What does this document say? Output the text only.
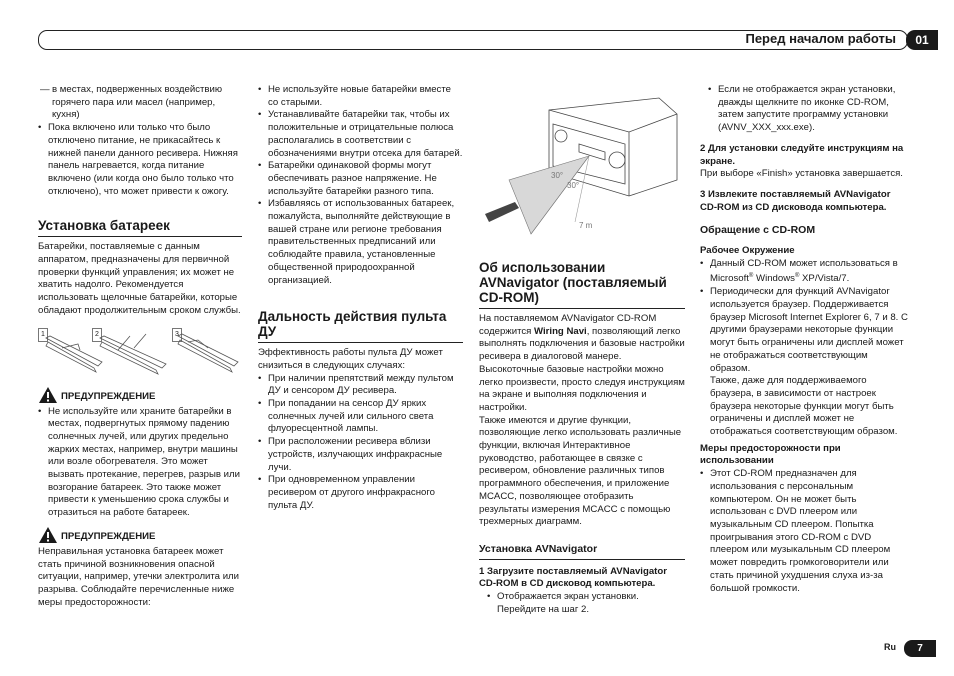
Перед началом работы	01

— в местах, подверженных воздействию горячего пара или масел (например, кухня)

• Пока включено или только что было отключено питание, не прикасайтесь к нижней панели данного ресивера. Нижняя панель нагревается, когда питание включено (или когда оно было только что отключено), что может привести к ожогу.

Установка батареек

Батарейки, поставляемые с данным аппаратом, предназначены для первичной проверки функций управления; их может не хватить надолго. Рекомендуется использовать щелочные батарейки, которые обладают продолжительным сроком службы.

1	2	3
ПРЕДУПРЕЖДЕНИЕ

• Не используйте или храните батарейки в местах, подвергнутых прямому падению солнечных лучей, или других предельно жарких местах, например, внутри машины или возле обогревателя. Это может вызвать протекание, перегрев, разрыв или возгорание батареек. Это также может привести к уменьшению срока службы и отразиться на работе батареек.

ПРЕДУПРЕЖДЕНИЕ

Неправильная установка батареек может стать причиной возникновения опасной ситуации, например, утечки электролита или разрыва. Соблюдайте перечисленные ниже меры предосторожности:

• Не используйте новые батарейки вместе со старыми.

• Устанавливайте батарейки так, чтобы их положительные и отрицательные полюса располагались в соответствии с обозначениями внутри отсека для батарей.

• Батарейки одинаковой формы могут обеспечивать разное напряжение. Не используйте батарейки разного типа.

• Избавляясь от использованных батареек, пожалуйста, выполняйте действующие в вашей стране или регионе требования правительственных предписаний или соблюдайте правила, установленные общественной природоохранной организацией.

Дальность действия пульта ДУ

Эффективность работы пульта ДУ может снизиться в следующих случаях:

• При наличии препятствий между пультом ДУ и сенсором ДУ ресивера.

• При попадании на сенсор ДУ ярких солнечных лучей или сильного света флуоресцентной лампы.

• При расположении ресивера вблизи устройств, излучающих инфракрасные лучи.

• При одновременном управлении ресивером от другого инфракрасного пульта ДУ.

30°
30°
7 m
Об использовании AVNavigator (поставляемый CD-ROM)

На поставляемом AVNavigator CD-ROM содержится Wiring Navi, позволяющий легко выполнять подключения и базовые настройки ресивера в диалоговой манере. Высокоточные базовые настройки можно легко произвести, просто следуя инструкциям на экране и выполняя подключения и настройки.

Также имеются и другие функции, позволяющие легко использовать различные функции, включая Интерактивное руководство, работающее в связке с ресивером, обновление различных типов программного обеспечения, и приложение MCACC, позволяющее отобразить результаты измерения MCACC с помощью трехмерных диаграмм.

Установка AVNavigator

1 Загрузите поставляемый AVNavigator CD-ROM в CD дисковод компьютера.

• Отображается экран установки. Перейдите на шаг 2.

• Если не отображается экран установки, дважды щелкните по иконке CD-ROM, затем запустите программу установки (AVNV_XXX_xxx.exe).

2 Для установки следуйте инструкциям на экране.

При выборе «Finish» установка завершается.

3 Извлеките поставляемый AVNavigator CD-ROM из CD дисковода компьютера.

Обращение с CD-ROM

Рабочее Окружение

• Данный CD-ROM может использоваться в Microsoft® Windows® XP/Vista/7.

• Периодически для функций AVNavigator используется браузер. Поддерживается браузер Microsoft Internet Explorer 6, 7 и 8. С другими браузерами некоторые функции могут быть ограничены или дисплей может не отображаться соответствующим образом.

Также, даже для поддерживаемого браузера, в зависимости от настроек браузера некоторые функции могут быть ограничены и дисплей может не отображаться соответствующим образом.

Меры предосторожности при использовании

• Этот CD-ROM предназначен для использования с персональным компьютером. Он не может быть использован с DVD плеером или музыкальным CD плеером. Попытка проигрывания этого CD-ROM с DVD плеером или музыкальным CD плеером может повредить громкоговорители или стать причиной ухудшения слуха из-за большой громкости.

Ru	7
